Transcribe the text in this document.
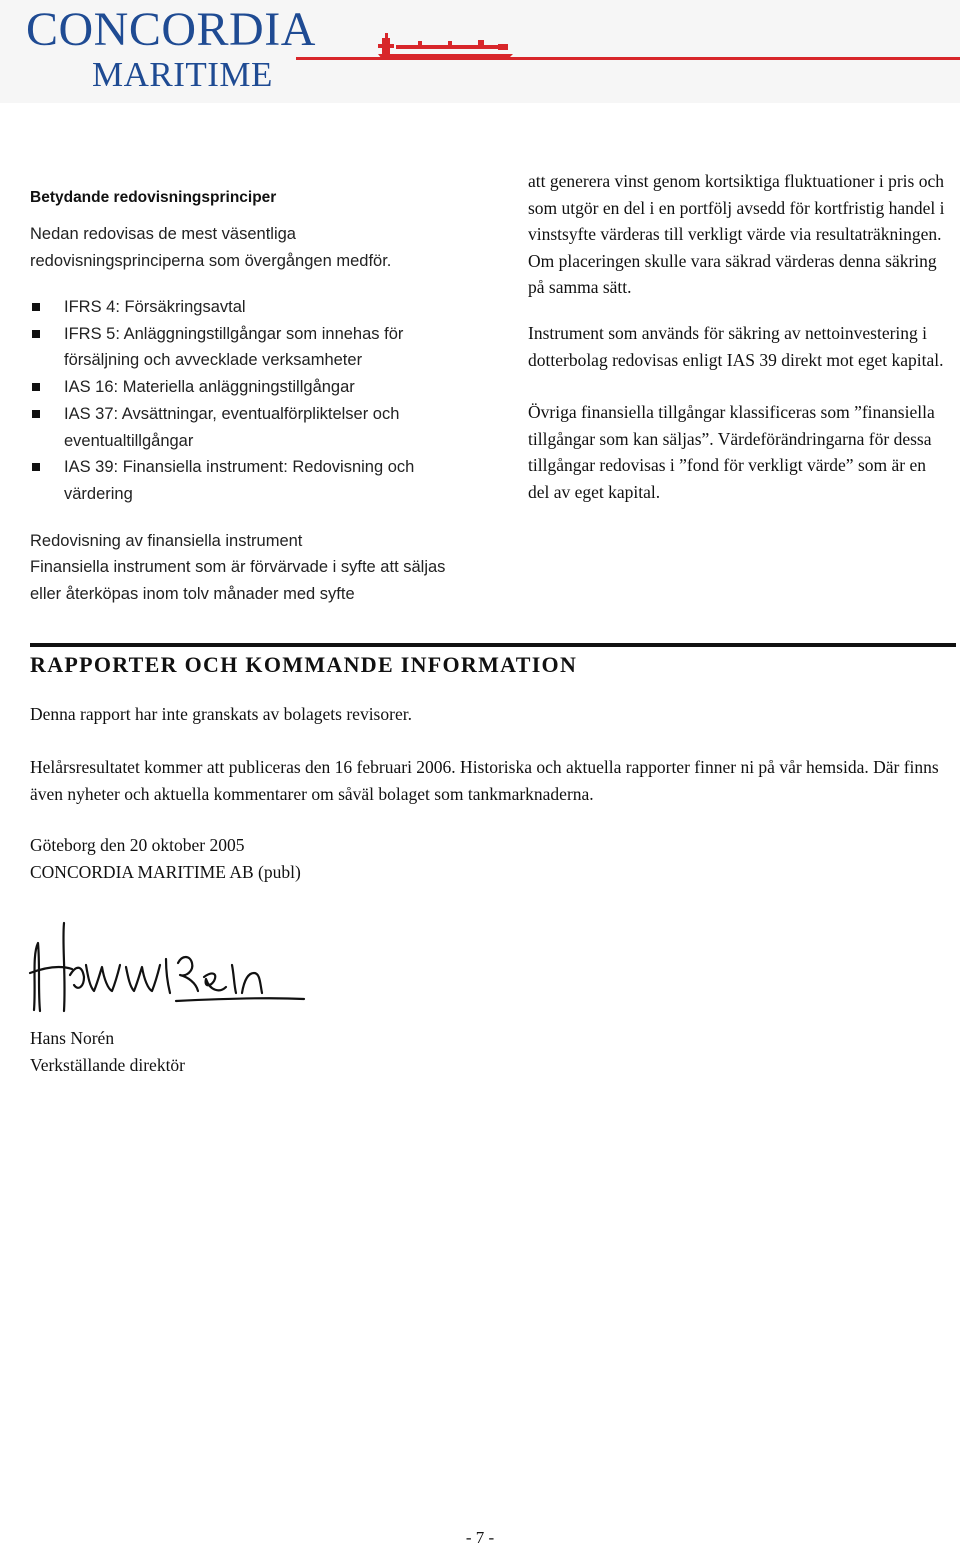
CONCORDIA
MARITIME
Betydande redovisningsprinciper
Nedan redovisas de mest väsentliga
redovisningsprinciperna som övergången medför.
IFRS 4: Försäkringsavtal
IFRS 5: Anläggningstillgångar som innehas för försäljning och avvecklade verksamheter
IAS 16: Materiella anläggningstillgångar
IAS 37: Avsättningar, eventualförpliktelser och eventualtillgångar
IAS 39: Finansiella instrument: Redovisning och värdering
Redovisning av finansiella instrument
Finansiella instrument som är förvärvade i syfte att säljas eller återköpas inom tolv månader med syfte

att generera vinst genom kortsiktiga fluktuationer i pris och som utgör en del i en portfölj avsedd för kortfristig handel i vinstsyfte värderas till verkligt värde via resultaträkningen. Om placeringen skulle vara säkrad värderas denna säkring på samma sätt.

Instrument som används för säkring av nettoinvestering i dotterbolag redovisas enligt IAS 39 direkt mot eget kapital.

Övriga finansiella tillgångar klassificeras som ”finansiella tillgångar som kan säljas”. Värdeförändringarna för dessa tillgångar redovisas i ”fond för verkligt värde” som är en del av eget kapital.

RAPPORTER OCH KOMMANDE INFORMATION

Denna rapport har inte granskats av bolagets revisorer.

Helårsresultatet kommer att publiceras den 16 februari 2006. Historiska och aktuella rapporter finner ni på vår hemsida. Där finns även nyheter och aktuella kommentarer om såväl bolaget som tankmarknaderna.

Göteborg den 20 oktober 2005

CONCORDIA MARITIME AB (publ)

Hans Norén

Verkställande direktör

- 7 -
